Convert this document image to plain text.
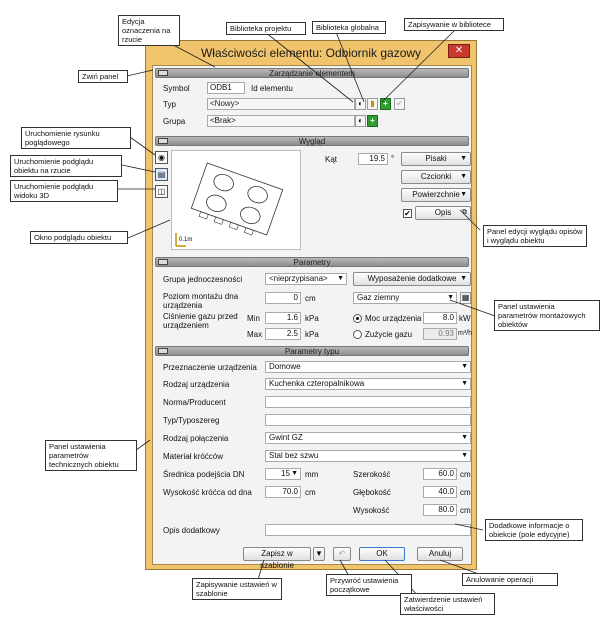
Właściwości elementu: Odbiornik gazowy	✕
Zarządzanie elementem
Symbol	ODB1	Id elementu
Typ	<Nowy>	◐ ▮	+	✔
Grupa	<Brak>	◐ +
Wygląd
◉
▤
◫
0.1m
Kąt	19.5 °	Pisaki ▼
Czcionki ▼
Powierzchnie ▼
✔	Opis ⧉
Parametry
Grupa jednoczesności	<nieprzypisana> ▼	Wyposażenie dodatkowe ▼
Poziom montażu dna urządzenia
0 cm	Gaz ziemny	▼ ▦
Ciśnienie gazu przed urządzeniem
Min	1.6 kPa	Moc urządzenia	8.0 kW
Max	2.5 kPa	Zużycie gazu	0.93 m³/h
Parametry typu
Przeznaczenie urządzenia	Domowe	▼
Rodzaj urządzenia	Kuchenka czteropalnikowa	▼
Norma/Producent
Typ/Typoszereg
Rodzaj połączenia	Gwint GZ	▼
Materiał króćców	Stal bez szwu	▼
Średnica podejścia DN	15 ▼ mm	Szerokość	60.0 cm
Wysokość króćca od dna	70.0 cm	Głębokość	40.0 cm
Wysokość	80.0 cm
Opis dodatkowy
Zapisz w szablonie
▼	↶	OK	Anuluj
Edycja oznaczenia na rzucie
Biblioteka projektu	Biblioteka globalna	Zapisywanie w bibliotece
Zwiń panel
Uruchomienie rysunku poglądowego
Uruchomienie podglądu obiektu na rzucie
Uruchomienie podglądu widoku 3D
Okno podglądu obiektu
Panel edycji wyglądu opisów i wyglądu obiektu
Panel ustawienia parametrów montażowych obiektów
Panel ustawienia parametrów technicznych obiektu
Dodatkowe informacje o obiekcie (pole edycyjne)
Zapisywanie ustawień w szablonie
Przywróć ustawienia początkowe
Zatwierdzenie ustawień właściwości
Anulowanie operacji
